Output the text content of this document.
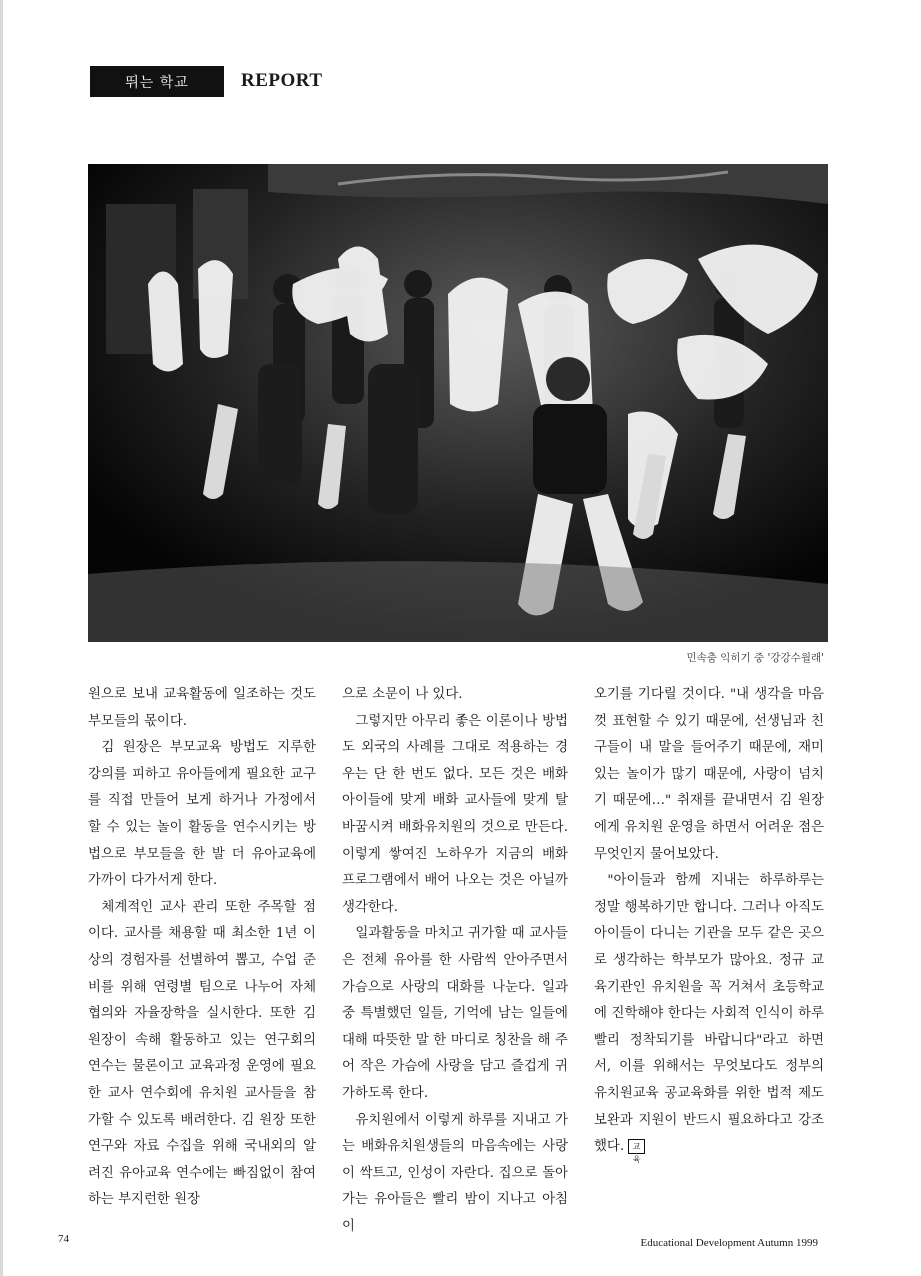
뛰는 학교	REPORT
민속춤 익히기 중 '강강수월래'

원으로 보내 교육활동에 일조하는 것도 부모들의 몫이다.

김 원장은 부모교육 방법도 지루한 강의를 피하고 유아들에게 필요한 교구를 직접 만들어 보게 하거나 가정에서 할 수 있는 놀이 활동을 연수시키는 방법으로 부모들을 한 발 더 유아교육에 가까이 다가서게 한다.

체계적인 교사 관리 또한 주목할 점이다. 교사를 채용할 때 최소한 1년 이상의 경험자를 선별하여 뽑고, 수업 준비를 위해 연령별 팀으로 나누어 자체 협의와 자율장학을 실시한다. 또한 김 원장이 속해 활동하고 있는 연구회의 연수는 물론이고 교육과정 운영에 필요한 교사 연수회에 유치원 교사들을 참가할 수 있도록 배려한다. 김 원장 또한 연구와 자료 수집을 위해 국내외의 알려진 유아교육 연수에는 빠짐없이 참여하는 부지런한 원장

으로 소문이 나 있다.

그렇지만 아무리 좋은 이론이나 방법도 외국의 사례를 그대로 적용하는 경우는 단 한 번도 없다. 모든 것은 배화 아이들에 맞게 배화 교사들에 맞게 탈바꿈시켜 배화유치원의 것으로 만든다. 이렇게 쌓여진 노하우가 지금의 배화 프로그램에서 배어 나오는 것은 아닐까 생각한다.

일과활동을 마치고 귀가할 때 교사들은 전체 유아를 한 사람씩 안아주면서 가슴으로 사랑의 대화를 나눈다. 일과 중 특별했던 일들, 기억에 남는 일들에 대해 따뜻한 말 한 마디로 칭찬을 해 주어 작은 가슴에 사랑을 담고 즐겁게 귀가하도록 한다.

유치원에서 이렇게 하루를 지내고 가는 배화유치원생들의 마음속에는 사랑이 싹트고, 인성이 자란다. 집으로 돌아가는 유아들은 빨리 밤이 지나고 아침이

오기를 기다릴 것이다. "내 생각을 마음껏 표현할 수 있기 때문에, 선생님과 친구들이 내 말을 들어주기 때문에, 재미있는 놀이가 많기 때문에, 사랑이 넘치기 때문에…" 취재를 끝내면서 김 원장에게 유치원 운영을 하면서 어려운 점은 무엇인지 물어보았다.

"아이들과 함께 지내는 하루하루는 정말 행복하기만 합니다. 그러나 아직도 아이들이 다니는 기관을 모두 같은 곳으로 생각하는 학부모가 많아요. 정규 교육기관인 유치원을 꼭 거쳐서 초등학교에 진학해야 한다는 사회적 인식이 하루 빨리 정착되기를 바랍니다"라고 하면서, 이를 위해서는 무엇보다도 정부의 유치원교육 공교육화를 위한 법적 제도 보완과 지원이 반드시 필요하다고 강조했다. 교육

74	Educational Development Autumn 1999
